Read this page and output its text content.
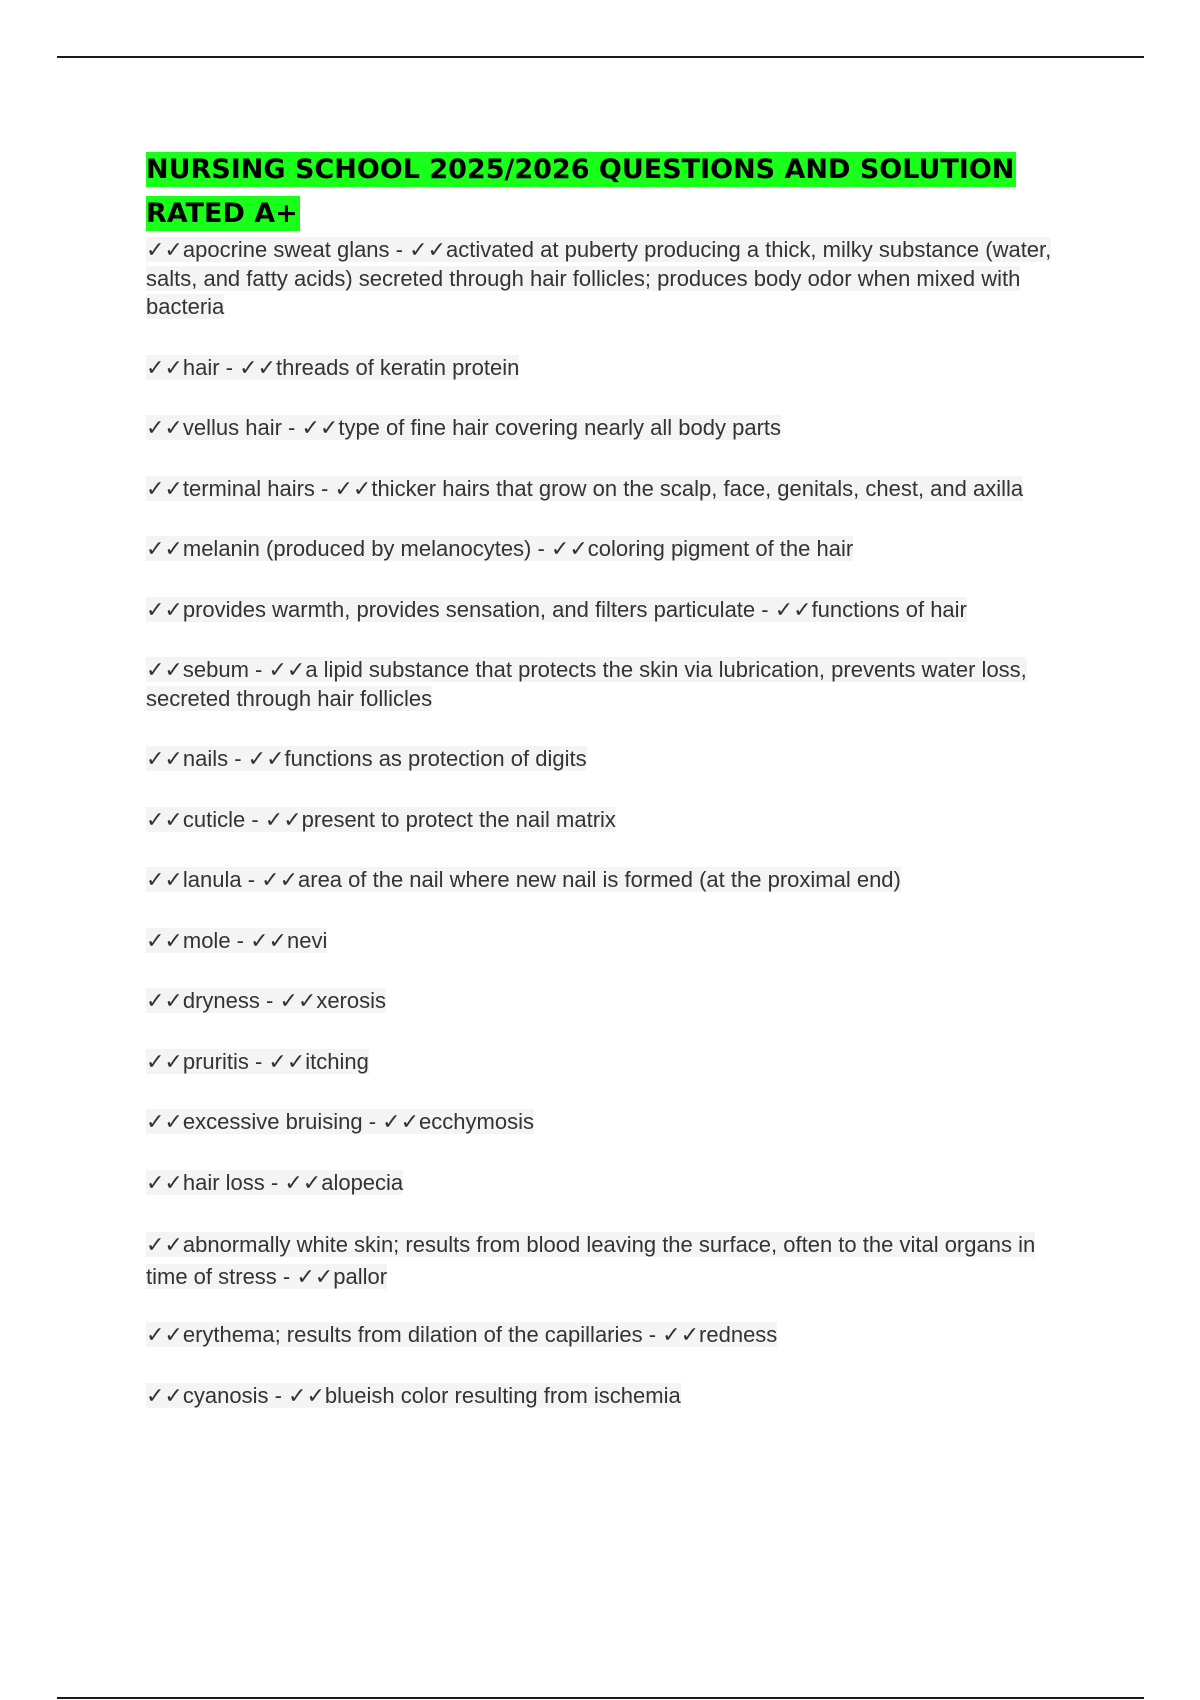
NURSING SCHOOL 2025/2026 QUESTIONS AND SOLUTION RATED A+
✓✓apocrine sweat glans - ✓✓activated at puberty producing a thick, milky substance (water, salts, and fatty acids) secreted through hair follicles; produces body odor when mixed with bacteria
✓✓hair - ✓✓threads of keratin protein
✓✓vellus hair - ✓✓type of fine hair covering nearly all body parts
✓✓terminal hairs - ✓✓thicker hairs that grow on the scalp, face, genitals, chest, and axilla
✓✓melanin (produced by melanocytes) - ✓✓coloring pigment of the hair
✓✓provides warmth, provides sensation, and filters particulate - ✓✓functions of hair
✓✓sebum - ✓✓a lipid substance that protects the skin via lubrication, prevents water loss, secreted through hair follicles
✓✓nails - ✓✓functions as protection of digits
✓✓cuticle - ✓✓present to protect the nail matrix
✓✓lanula - ✓✓area of the nail where new nail is formed (at the proximal end)
✓✓mole - ✓✓nevi
✓✓dryness - ✓✓xerosis
✓✓pruritis - ✓✓itching
✓✓excessive bruising - ✓✓ecchymosis
✓✓hair loss - ✓✓alopecia
✓✓abnormally white skin; results from blood leaving the surface, often to the vital organs in time of stress - ✓✓pallor
✓✓erythema; results from dilation of the capillaries - ✓✓redness
✓✓cyanosis - ✓✓blueish color resulting from ischemia
